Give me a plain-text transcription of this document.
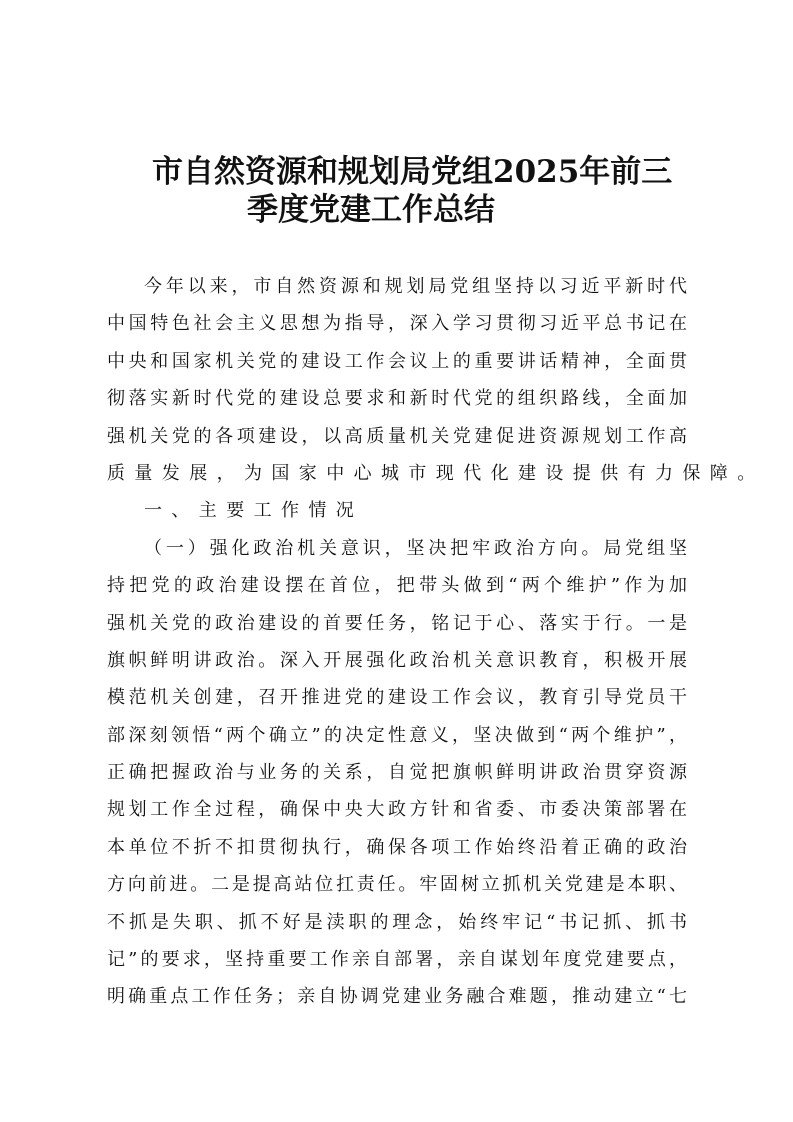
市自然资源和规划局党组2025年前三
季度党建工作总结
今年以来，市自然资源和规划局党组坚持以习近平新时代
中国特色社会主义思想为指导，深入学习贯彻习近平总书记在
中央和国家机关党的建设工作会议上的重要讲话精神，全面贯
彻落实新时代党的建设总要求和新时代党的组织路线，全面加
强机关党的各项建设，以高质量机关党建促进资源规划工作高
质量发展，为国家中心城市现代化建设提供有力保障。
一、主要工作情况
（一）强化政治机关意识，坚决把牢政治方向。局党组坚
持把党的政治建设摆在首位，把带头做到“两个维护”作为加
强机关党的政治建设的首要任务，铭记于心、落实于行。一是
旗帜鲜明讲政治。深入开展强化政治机关意识教育，积极开展
模范机关创建，召开推进党的建设工作会议，教育引导党员干
部深刻领悟“两个确立”的决定性意义，坚决做到“两个维护”，
正确把握政治与业务的关系，自觉把旗帜鲜明讲政治贯穿资源
规划工作全过程，确保中央大政方针和省委、市委决策部署在
本单位不折不扣贯彻执行，确保各项工作始终沿着正确的政治
方向前进。二是提高站位扛责任。牢固树立抓机关党建是本职、
不抓是失职、抓不好是渎职的理念，始终牢记“书记抓、抓书
记”的要求，坚持重要工作亲自部署，亲自谋划年度党建要点，
明确重点工作任务；亲自协调党建业务融合难题，推动建立“七
